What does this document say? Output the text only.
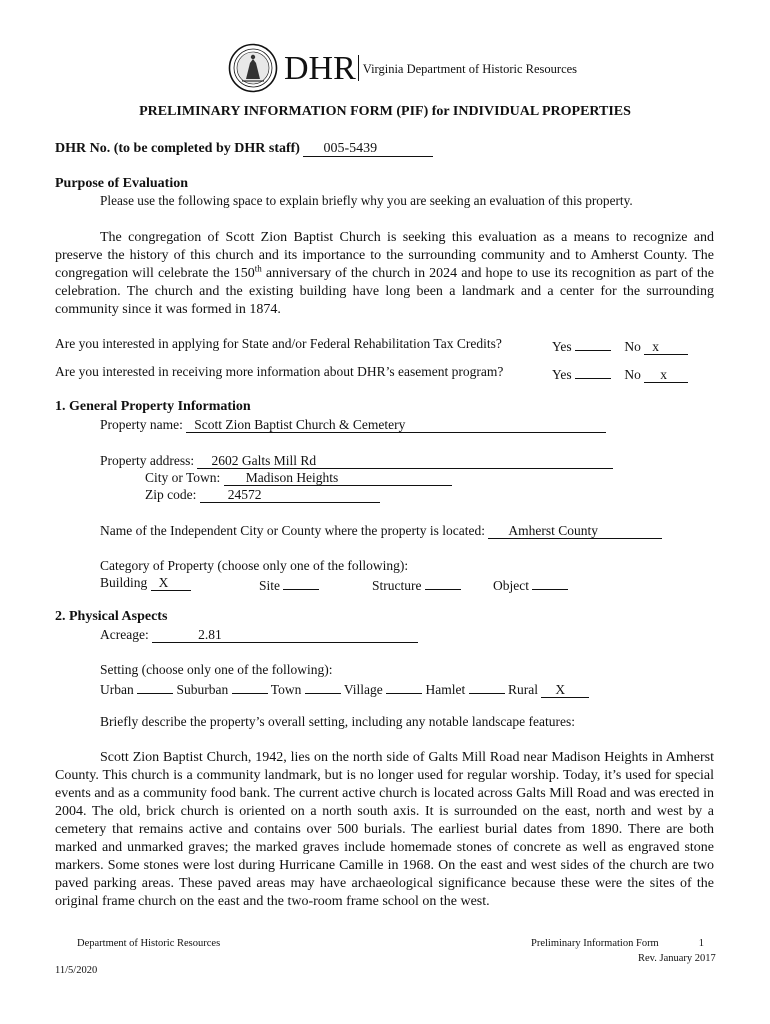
DHR Virginia Department of Historic Resources
PRELIMINARY INFORMATION FORM (PIF) for INDIVIDUAL PROPERTIES
DHR No. (to be completed by DHR staff) 005-5439
Purpose of Evaluation
Please use the following space to explain briefly why you are seeking an evaluation of this property.
The congregation of Scott Zion Baptist Church is seeking this evaluation as a means to recognize and preserve the history of this church and its importance to the surrounding community and to Amherst County. The congregation will celebrate the 150th anniversary of the church in 2024 and hope to use its recognition as part of the celebration. The church and the existing building have long been a landmark and a center for the surrounding community since it was formed in 1874.
Are you interested in applying for State and/or Federal Rehabilitation Tax Credits?	Yes	No x
Are you interested in receiving more information about DHR’s easement program?	Yes	No x
1. General Property Information
Property name: Scott Zion Baptist Church & Cemetery
Property address: 2602 Galts Mill Rd
City or Town: Madison Heights
Zip code: 24572
Name of the Independent City or County where the property is located: Amherst County
Category of Property (choose only one of the following):
Building X	Site	Structure	Object
2. Physical Aspects
Acreage:	2.81
Setting (choose only one of the following):
Urban	Suburban	Town	Village	Hamlet	Rural X
Briefly describe the property’s overall setting, including any notable landscape features:
Scott Zion Baptist Church, 1942, lies on the north side of Galts Mill Road near Madison Heights in Amherst County. This church is a community landmark, but is no longer used for regular worship. Today, it’s used for special events and as a community food bank. The current active church is located across Galts Mill Road and was erected in 2004. The old, brick church is oriented on a north south axis. It is surrounded on the east, north and west by a cemetery that remains active and contains over 500 burials. The earliest burial dates from 1890. There are both marked and unmarked graves; the marked graves include homemade stones of concrete as well as engraved stone markers. Some stones were lost during Hurricane Camille in 1968. On the east and west sides of the church are two paved parking areas. These paved areas may have archaeological significance because these were the sites of the original frame church on the east and the two-room frame school on the west.
Department of Historic Resources	Preliminary Information Form	1
Rev. January 2017
11/5/2020
